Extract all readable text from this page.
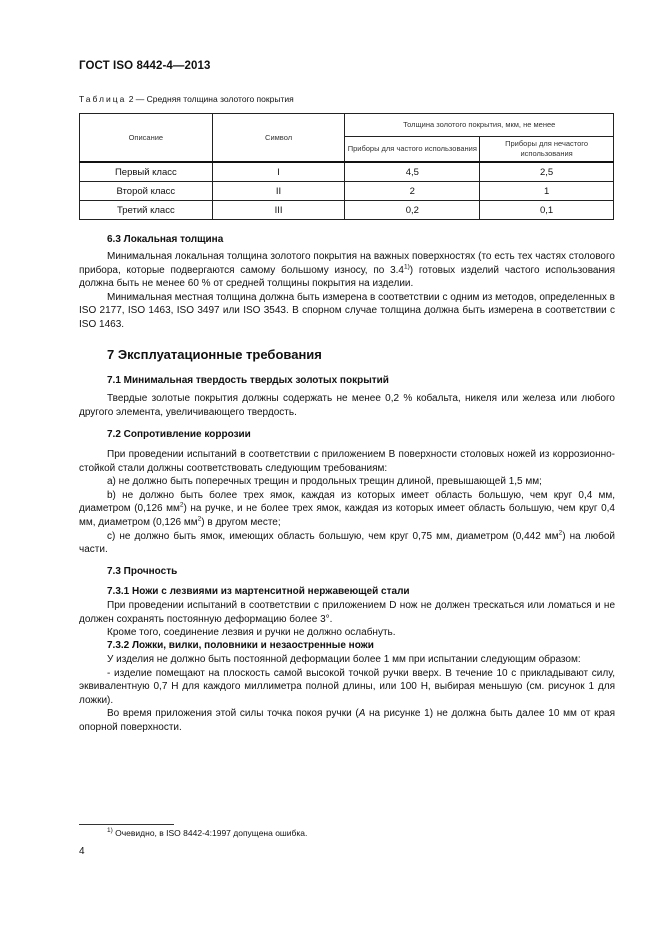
ГОСТ ISO 8442-4—2013
Таблица 2 — Средняя толщина золотого покрытия
Описание	Символ	Толщина золотого покрытия, мкм, не менее	
		Приборы для частого использования	Приборы для нечастого использования
Первый класс	I	4,5	2,5
Второй класс	II	2	1
Третий класс	III	0,2	0,1
6.3 Локальная толщина

Минимальная локальная толщина золотого покрытия на важных поверхностях (то есть тех частях столового прибора, которые подвергаются самому большому износу, по 3.4$^{1)}$) готовых изделий частого использования должна быть не менее 60 % от средней толщины покрытия на изделии.

Минимальная местная толщина должна быть измерена в соответствии с одним из методов, определенных в ISO 2177, ISO 1463, ISO 3497 или ISO 3543. В спорном случае толщина должна быть измерена в соответствии с ISO 1463.

7 Эксплуатационные требования
7.1 Минимальная твердость твердых золотых покрытий

Твердые золотые покрытия должны содержать не менее 0,2 % кобальта, никеля или железа или любого другого элемента, увеличивающего твердость.

7.2 Сопротивление коррозии

При проведении испытаний в соответствии с приложением В поверхности столовых ножей из коррозионно-стойкой стали должны соответствовать следующим требованиям:

а) не должно быть поперечных трещин и продольных трещин длиной, превышающей 1,5 мм;

b) не должно быть более трех ямок, каждая из которых имеет область большую, чем круг 0,4 мм, диаметром (0,126 $мм^2$) на ручке, и не более трех ямок, каждая из которых имеет область большую, чем круг 0,4 мм, диаметром (0,126 $мм^2$) в другом месте;

c) не должно быть ямок, имеющих область большую, чем круг 0,75 мм, диаметром (0,442 $мм^2$) на любой части.

7.3 Прочность
7.3.1 Ножи с лезвиями из мартенситной нержавеющей стали

При проведении испытаний в соответствии с приложением D нож не должен трескаться или ломаться и не должен сохранять постоянную деформацию более 3°.

Кроме того, соединение лезвия и ручки не должно ослабнуть.

7.3.2 Ложки, вилки, половники и незаостренные ножи

У изделия не должно быть постоянной деформации более 1 мм при испытании следующим образом:

- изделие помещают на плоскость самой высокой точкой ручки вверх. В течение 10 с прикладывают силу, эквивалентную 0,7 Н для каждого миллиметра полной длины, или 100 Н, выбирая меньшую (см. рисунок 1 для ложки).

Во время приложения этой силы точка покоя ручки (A на рисунке 1) не должна быть далее 10 мм от края опорной поверхности.

$^{1)}$ Очевидно, в ISO 8442-4:1997 допущена ошибка.
4
